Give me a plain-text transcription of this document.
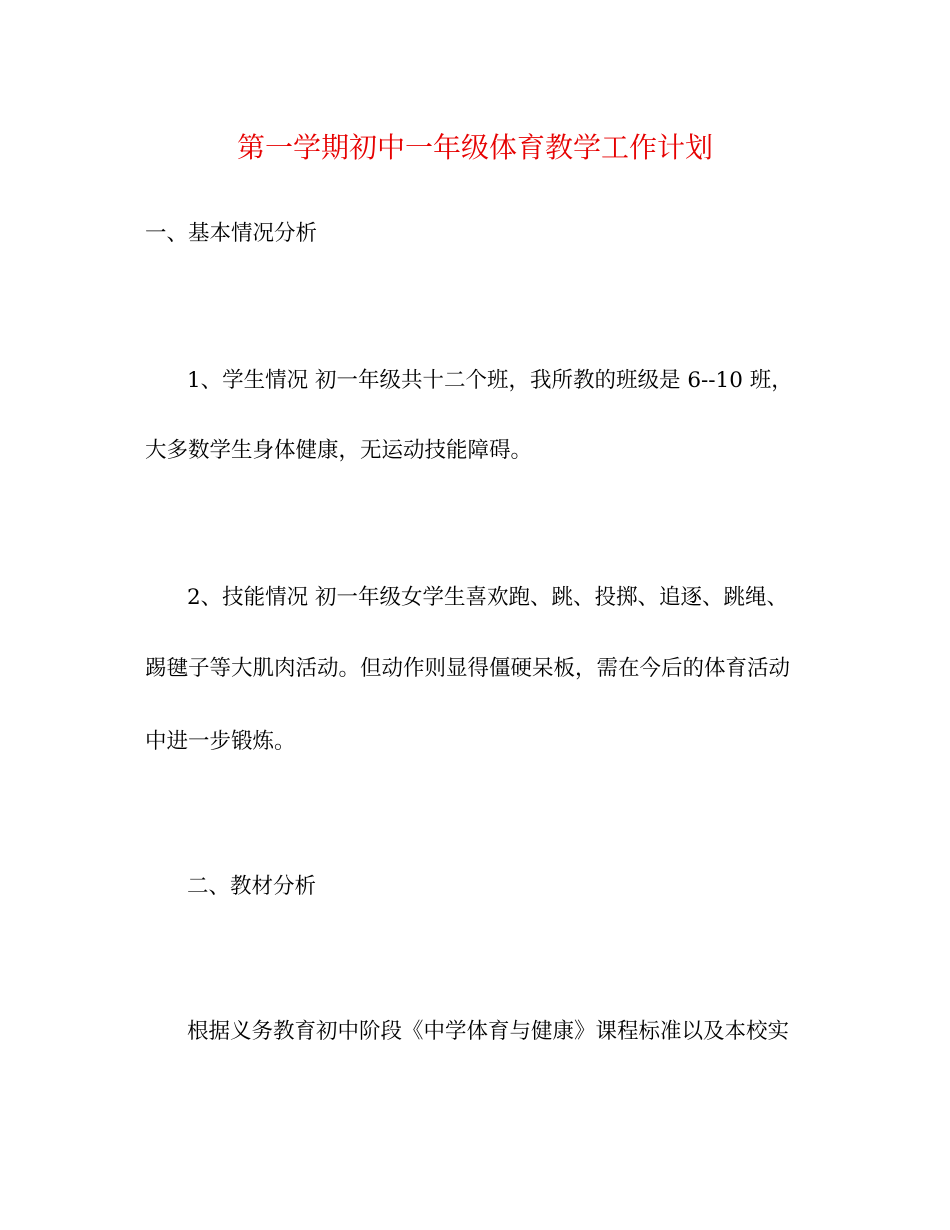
第一学期初中一年级体育教学工作计划
一、基本情况分析
1、学生情况 初一年级共十二个班，我所教的班级是 6--10 班，
大多数学生身体健康，无运动技能障碍。
2、技能情况 初一年级女学生喜欢跑、跳、投掷、追逐、跳绳、
踢毽子等大肌肉活动。但动作则显得僵硬呆板，需在今后的体育活动
中进一步锻炼。
二、教材分析
根据义务教育初中阶段《中学体育与健康》课程标准以及本校实
